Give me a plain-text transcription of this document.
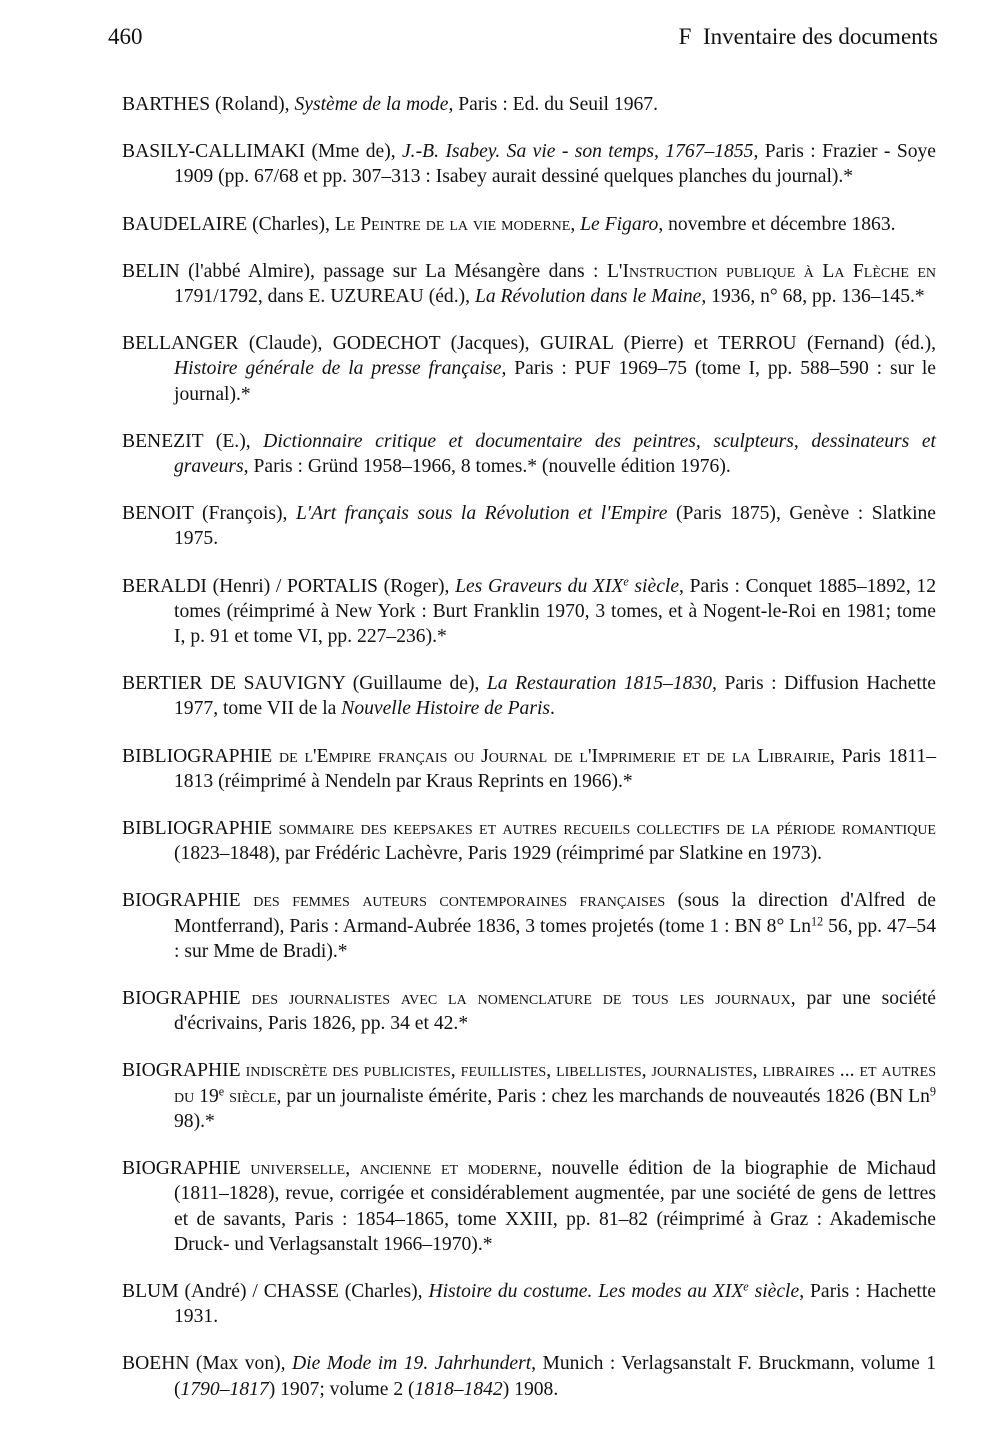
460	F  Inventaire des documents

BARTHES (Roland), Système de la mode, Paris : Ed. du Seuil 1967.

BASILY-CALLIMAKI (Mme de), J.-B. Isabey. Sa vie - son temps, 1767–1855, Paris : Frazier - Soye 1909 (pp. 67/68 et pp. 307–313 : Isabey aurait dessiné quelques planches du journal).*

BAUDELAIRE (Charles), Le Peintre de la vie moderne, Le Figaro, novembre et décembre 1863.

BELIN (l'abbé Almire), passage sur La Mésangère dans : L'Instruction publique à La Flèche en 1791/1792, dans E. UZUREAU (éd.), La Révolution dans le Maine, 1936, n° 68, pp. 136–145.*

BELLANGER (Claude), GODECHOT (Jacques), GUIRAL (Pierre) et TERROU (Fernand) (éd.), Histoire générale de la presse française, Paris : PUF 1969–75 (tome I, pp. 588–590 : sur le journal).*

BENEZIT (E.), Dictionnaire critique et documentaire des peintres, sculpteurs, dessinateurs et graveurs, Paris : Gründ 1958–1966, 8 tomes.* (nouvelle édition 1976).

BENOIT (François), L'Art français sous la Révolution et l'Empire (Paris 1875), Genève : Slatkine 1975.

BERALDI (Henri) / PORTALIS (Roger), Les Graveurs du XIXe siècle, Paris : Conquet 1885–1892, 12 tomes (réimprimé à New York : Burt Franklin 1970, 3 tomes, et à Nogent-le-Roi en 1981; tome I, p. 91 et tome VI, pp. 227–236).*

BERTIER DE SAUVIGNY (Guillaume de), La Restauration 1815–1830, Paris : Diffusion Hachette 1977, tome VII de la Nouvelle Histoire de Paris.

BIBLIOGRAPHIE de l'Empire français ou Journal de l'Imprimerie et de la Librairie, Paris 1811–1813 (réimprimé à Nendeln par Kraus Reprints en 1966).*

BIBLIOGRAPHIE sommaire des keepsakes et autres recueils collectifs de la période romantique (1823–1848), par Frédéric Lachèvre, Paris 1929 (réimprimé par Slatkine en 1973).

BIOGRAPHIE des femmes auteurs contemporaines françaises (sous la direction d'Alfred de Montferrand), Paris : Armand-Aubrée 1836, 3 tomes projetés (tome 1 : BN 8° Ln$^{12}$ 56, pp. 47–54 : sur Mme de Bradi).*

BIOGRAPHIE des journalistes avec la nomenclature de tous les journaux, par une société d'écrivains, Paris 1826, pp. 34 et 42.*

BIOGRAPHIE indiscrète des publicistes, feuillistes, libellistes, journalistes, libraires ... et autres du 19e siècle, par un journaliste émérite, Paris : chez les marchands de nouveautés 1826 (BN Ln$^9$ 98).*

BIOGRAPHIE universelle, ancienne et moderne, nouvelle édition de la biographie de Michaud (1811–1828), revue, corrigée et considérablement augmentée, par une société de gens de lettres et de savants, Paris : 1854–1865, tome XXIII, pp. 81–82 (réimprimé à Graz : Akademische Druck- und Verlagsanstalt 1966–1970).*

BLUM (André) / CHASSE (Charles), Histoire du costume. Les modes au XIXe siècle, Paris : Hachette 1931.

BOEHN (Max von), Die Mode im 19. Jahrhundert, Munich : Verlagsanstalt F. Bruckmann, volume 1 (1790–1817) 1907; volume 2 (1818–1842) 1908.
